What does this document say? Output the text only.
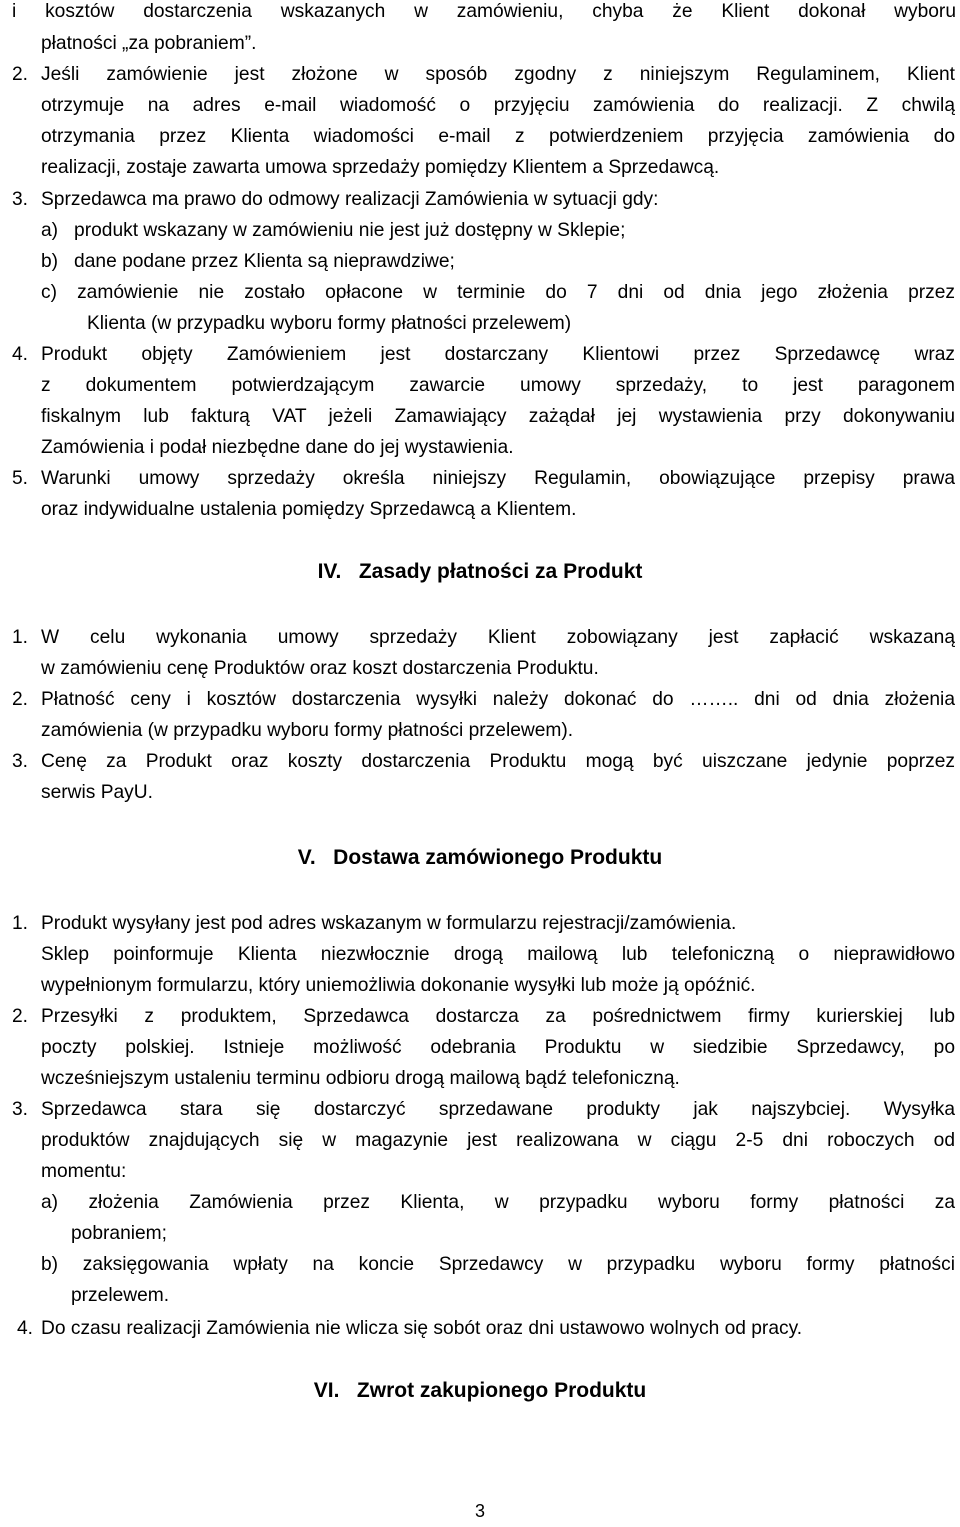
i kosztów dostarczenia wskazanych w zamówieniu, chyba że Klient dokonał wyboru
płatności „za pobraniem”.
2. Jeśli zamówienie jest złożone w sposób zgodny z niniejszym Regulaminem, Klient
otrzymuje na adres e-mail wiadomość o przyjęciu zamówienia do realizacji. Z chwilą
otrzymania przez Klienta wiadomości e-mail z potwierdzeniem przyjęcia zamówienia do
realizacji, zostaje zawarta umowa sprzedaży pomiędzy Klientem a Sprzedawcą.
3. Sprzedawca ma prawo do odmowy realizacji Zamówienia w sytuacji gdy:
a)   produkt wskazany w zamówieniu nie jest już dostępny w Sklepie;
b)   dane podane przez Klienta są nieprawdziwe;
c) zamówienie nie zostało opłacone w terminie do 7 dni od dnia jego złożenia przez
Klienta (w przypadku wyboru formy płatności przelewem)
4. Produkt objęty Zamówieniem jest dostarczany Klientowi przez Sprzedawcę wraz
z dokumentem potwierdzającym zawarcie umowy sprzedaży, to jest paragonem
fiskalnym lub fakturą VAT jeżeli Zamawiający zażądał jej wystawienia przy dokonywaniu
Zamówienia i podał niezbędne dane do jej wystawienia.
5. Warunki umowy sprzedaży określa niniejszy Regulamin, obowiązujące przepisy prawa
oraz indywidualne ustalenia pomiędzy Sprzedawcą a Klientem.
IV.   Zasady płatności za Produkt
1. W celu wykonania umowy sprzedaży Klient zobowiązany jest zapłacić wskazaną
w zamówieniu cenę Produktów oraz koszt dostarczenia Produktu.
2. Płatność ceny i kosztów dostarczenia wysyłki należy dokonać do …….. dni od dnia złożenia
zamówienia (w przypadku wyboru formy płatności przelewem).
3. Cenę za Produkt oraz koszty dostarczenia Produktu mogą być uiszczane jedynie poprzez
serwis PayU.
V.   Dostawa zamówionego Produktu
1. Produkt wysyłany jest pod adres wskazanym w formularzu rejestracji/zamówienia.
Sklep poinformuje Klienta niezwłocznie drogą mailową lub telefoniczną o nieprawidłowo
wypełnionym formularzu, który uniemożliwia dokonanie wysyłki lub może ją opóźnić.
2. Przesyłki z produktem, Sprzedawca dostarcza za pośrednictwem firmy kurierskiej lub
poczty polskiej. Istnieje możliwość odebrania Produktu w siedzibie Sprzedawcy, po
wcześniejszym ustaleniu terminu odbioru drogą mailową bądź telefoniczną.
3. Sprzedawca stara się dostarczyć sprzedawane produkty jak najszybciej. Wysyłka
produktów znajdujących się w magazynie jest realizowana w ciągu 2-5 dni roboczych od
momentu:
a) złożenia Zamówienia przez Klienta, w przypadku wyboru formy płatności za
pobraniem;
b) zaksięgowania wpłaty na koncie Sprzedawcy w przypadku wyboru formy płatności
przelewem.
4. Do czasu realizacji Zamówienia nie wlicza się sobót oraz dni ustawowo wolnych od pracy.
VI.   Zwrot zakupionego Produktu
3
